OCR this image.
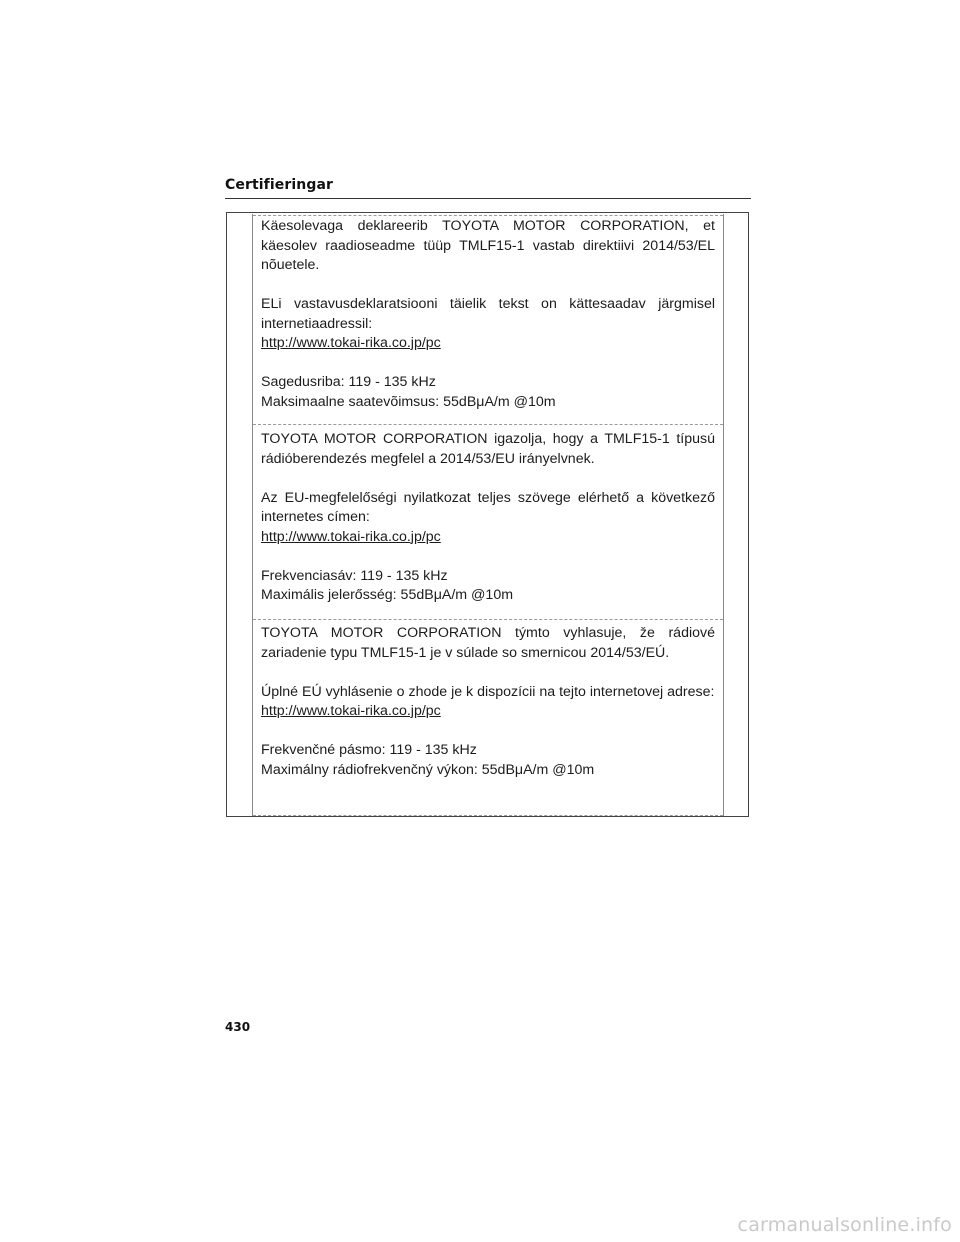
Certifieringar

Käesolevaga deklareerib TOYOTA MOTOR CORPORATION, et käesolev raadioseadme tüüp TMLF15-1 vastab direktiivi 2014/53/EL nõuetele.

ELi vastavusdeklaratsiooni täielik tekst on kättesaadav järgmisel internetiaadressil:

http://www.tokai-rika.co.jp/pc

Sagedusriba: 119 - 135 kHz

Maksimaalne saatevõimsus: 55dBμA/m @10m

TOYOTA MOTOR CORPORATION igazolja, hogy a TMLF15-1 típusú rádióberendezés megfelel a 2014/53/EU irányelvnek.

Az EU-megfelelőségi nyilatkozat teljes szövege elérhető a következő internetes címen:

http://www.tokai-rika.co.jp/pc

Frekvenciasáv: 119 - 135 kHz

Maximális jelerősség: 55dBμA/m @10m

TOYOTA MOTOR CORPORATION týmto vyhlasuje, že rádiové zariadenie typu TMLF15-1 je v súlade so smernicou 2014/53/EÚ.

Úplné EÚ vyhlásenie o zhode je k dispozícii na tejto internetovej adrese:

http://www.tokai-rika.co.jp/pc

Frekvenčné pásmo: 119 - 135 kHz

Maximálny rádiofrekvenčný výkon: 55dBμA/m @10m

430
carmanualsonline.info
